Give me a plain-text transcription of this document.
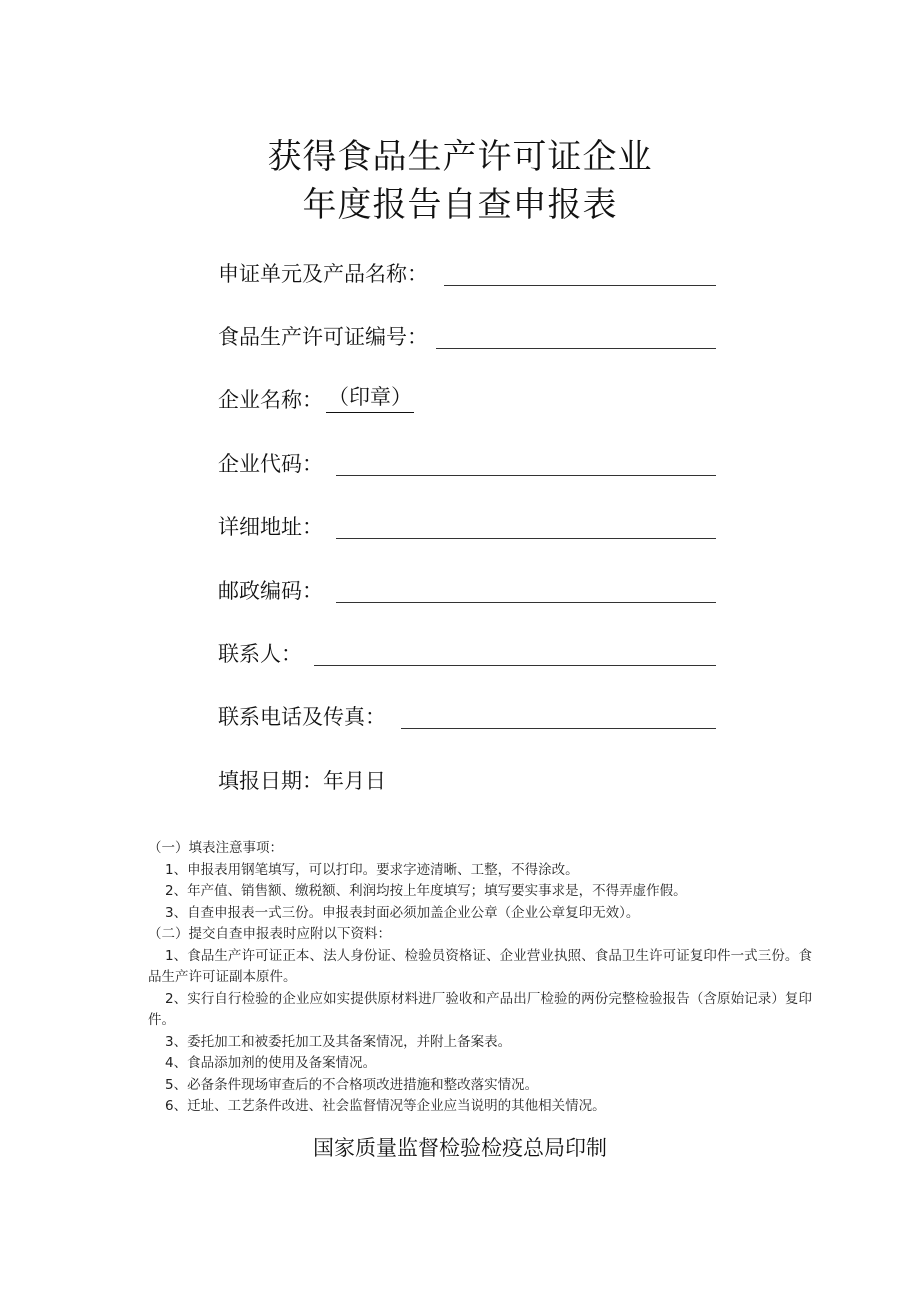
获得食品生产许可证企业
年度报告自查申报表
申证单元及产品名称：
食品生产许可证编号：
企业名称： （印章）
企业代码：
详细地址：
邮政编码：
联系人：
联系电话及传真：
填报日期：年月日
（一）填表注意事项：
1、申报表用钢笔填写，可以打印。要求字迹清晰、工整，不得涂改。
2、年产值、销售额、缴税额、利润均按上年度填写；填写要实事求是，不得弄虚作假。
3、自查申报表一式三份。申报表封面必须加盖企业公章（企业公章复印无效）。
（二）提交自查申报表时应附以下资料：
1、食品生产许可证正本、法人身份证、检验员资格证、企业营业执照、食品卫生许可证复印件一式三份。食品生产许可证副本原件。
2、实行自行检验的企业应如实提供原材料进厂验收和产品出厂检验的两份完整检验报告（含原始记录）复印件。
3、委托加工和被委托加工及其备案情况，并附上备案表。
4、食品添加剂的使用及备案情况。
5、必备条件现场审查后的不合格项改进措施和整改落实情况。
6、迁址、工艺条件改进、社会监督情况等企业应当说明的其他相关情况。
国家质量监督检验检疫总局印制
